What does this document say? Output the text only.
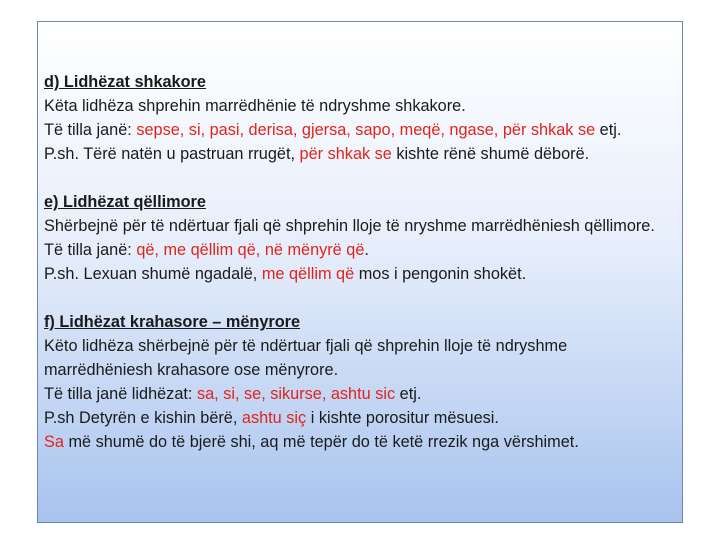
d) Lidhëzat shkakore
Këta lidhëza shprehin marrëdhënie të ndryshme shkakore.
Të tilla janë: sepse, si, pasi, derisa, gjersa, sapo, meqë, ngase, për shkak se etj.
P.sh. Tërë natën u pastruan rrugët, për shkak se kishte rënë shumë dëborë.
e) Lidhëzat qëllimore
Shërbejnë për të ndërtuar fjali që shprehin lloje të nryshme marrëdhëniesh qëllimore.
Të tilla janë: që, me qëllim që, në mënyrë që.
P.sh. Lexuan shumë ngadalë, me qëllim që mos i pengonin shokët.
f) Lidhëzat krahasore – mënyrore
Këto lidhëza shërbejnë për të ndërtuar fjali që shprehin lloje të ndryshme marrëdhëniesh krahasore ose mënyrore.
Të tilla janë lidhëzat: sa, si, se, sikurse, ashtu sic etj.
P.sh Detyrën e kishin bërë, ashtu siç i kishte porositur mësuesi.
Sa më shumë do të bjerë shi, aq më tepër do të ketë rrezik nga vërshimet.
